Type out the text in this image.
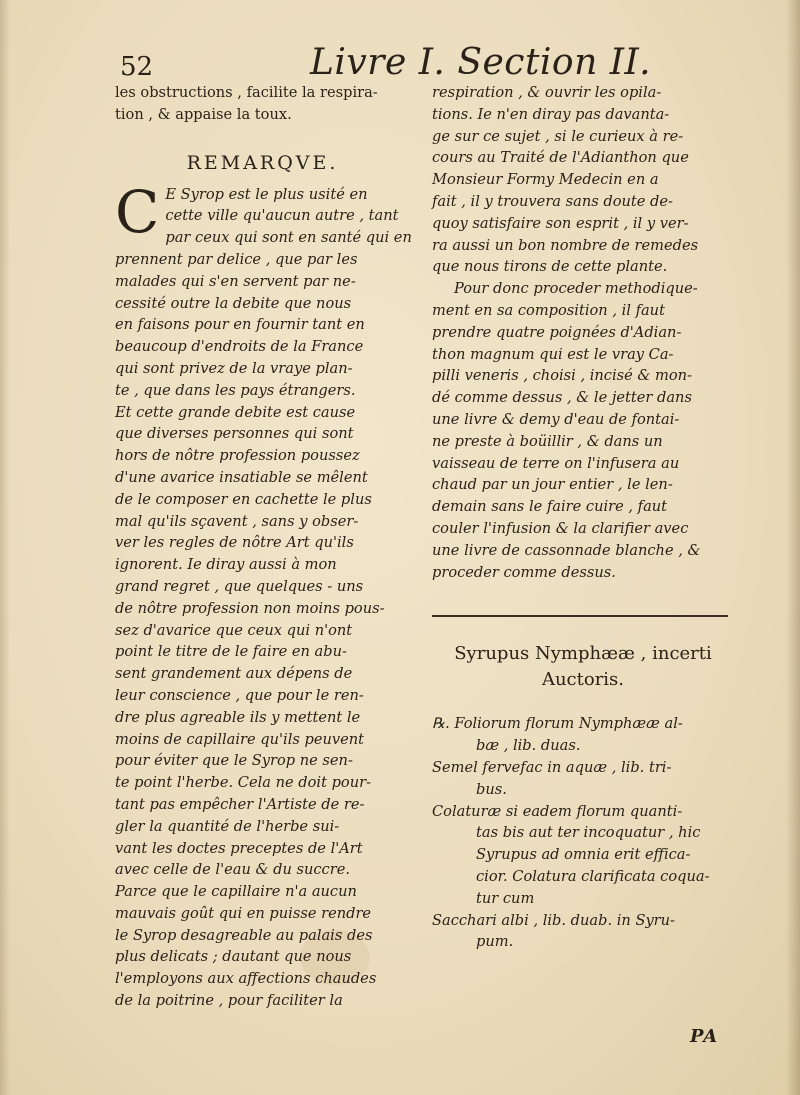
52	Livre I. Section II.
les obstructions , facilite la respira-
tion , & appaise la toux.
REMARQVE.
C E Syrop est le plus usité en
cette ville qu'aucun autre , tant
par ceux qui sont en santé qui en
prennent par delice , que par les
malades qui s'en servent par ne-
cessité outre la debite que nous
en faisons pour en fournir tant en
beaucoup d'endroits de la France
qui sont privez de la vraye plan-
te , que dans les pays étrangers.
Et cette grande debite est cause
que diverses personnes qui sont
hors de nôtre profession poussez
d'une avarice insatiable se mêlent
de le composer en cachette le plus
mal qu'ils sçavent , sans y obser-
ver les regles de nôtre Art qu'ils
ignorent. Ie diray aussi à mon
grand regret , que quelques - uns
de nôtre profession non moins pous-
sez d'avarice que ceux qui n'ont
point le titre de le faire en abu-
sent grandement aux dépens de
leur conscience , que pour le ren-
dre plus agreable ils y mettent le
moins de capillaire qu'ils peuvent
pour éviter que le Syrop ne sen-
te point l'herbe. Cela ne doit pour-
tant pas empêcher l'Artiste de re-
gler la quantité de l'herbe sui-
vant les doctes preceptes de l'Art
avec celle de l'eau & du succre.
Parce que le capillaire n'a aucun
mauvais goût qui en puisse rendre
le Syrop desagreable au palais des
plus delicats ; dautant que nous
l'employons aux affections chaudes
de la poitrine , pour faciliter la
respiration , & ouvrir les opila-
tions. Ie n'en diray pas davanta-
ge sur ce sujet , si le curieux à re-
cours au Traité de l'Adianthon que
Monsieur Formy Medecin en a
fait , il y trouvera sans doute de-
quoy satisfaire son esprit , il y ver-
ra aussi un bon nombre de remedes
que nous tirons de cette plante.
Pour donc proceder methodique-
ment en sa composition , il faut
prendre quatre poignées d'Adian-
thon magnum qui est le vray Ca-
pilli veneris , choisi , incisé & mon-
dé comme dessus , & le jetter dans
une livre & demy d'eau de fontai-
ne preste à boüillir , & dans un
vaisseau de terre on l'infusera au
chaud par un jour entier , le len-
demain sans le faire cuire , faut
couler l'infusion & la clarifier avec
une livre de cassonnade blanche , &
proceder comme dessus.
Syrupus Nymphææ , incerti
Auctoris.
℞. Foliorum florum Nymphææ al-
bæ , lib. duas.
Semel fervefac in aquæ , lib. tri-
bus.
Colaturæ si eadem florum quanti-
tas bis aut ter incoquatur , hic
Syrupus ad omnia erit effica-
cior. Colatura clarificata coqua-
tur cum
Sacchari albi , lib. duab. in Syru-
pum.
PA
